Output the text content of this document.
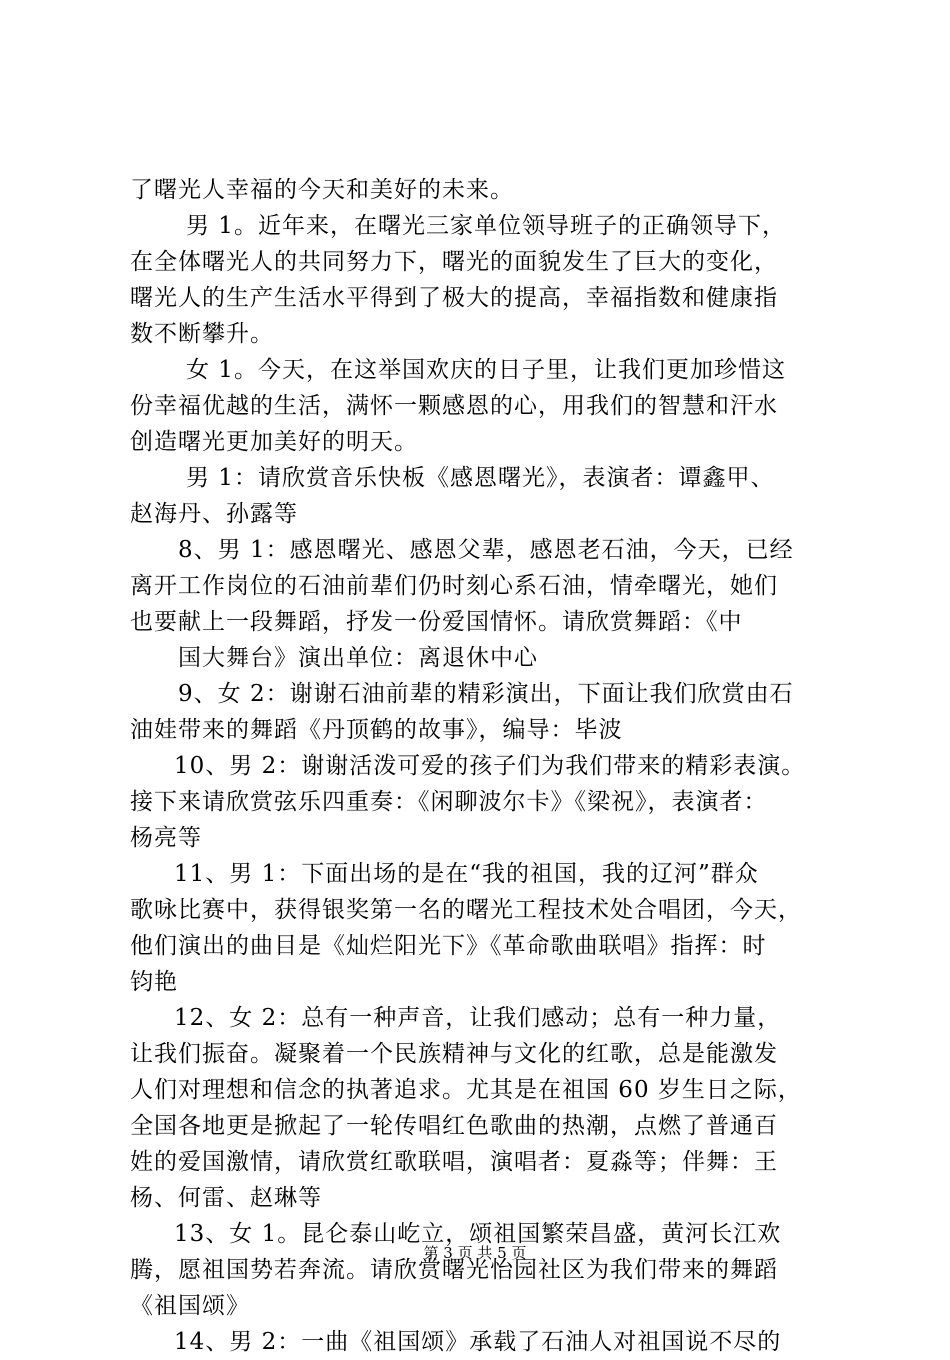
了曙光人幸福的今天和美好的未来。
男 1。近年来，在曙光三家单位领导班子的正确领导下，
在全体曙光人的共同努力下，曙光的面貌发生了巨大的变化，
曙光人的生产生活水平得到了极大的提高，幸福指数和健康指
数不断攀升。
女 1。今天，在这举国欢庆的日子里，让我们更加珍惜这
份幸福优越的生活，满怀一颗感恩的心，用我们的智慧和汗水
创造曙光更加美好的明天。
男 1：请欣赏音乐快板《感恩曙光》，表演者：谭鑫甲、
赵海丹、孙露等
8、男 1：感恩曙光、感恩父辈，感恩老石油，今天，已经
离开工作岗位的石油前辈们仍时刻心系石油，情牵曙光，她们
也要献上一段舞蹈，抒发一份爱国情怀。请欣赏舞蹈：《中
国大舞台》演出单位：离退休中心
9、女 2：谢谢石油前辈的精彩演出，下面让我们欣赏由石
油娃带来的舞蹈《丹顶鹤的故事》，编导：毕波
10、男 2：谢谢活泼可爱的孩子们为我们带来的精彩表演。
接下来请欣赏弦乐四重奏：《闲聊波尔卡》《梁祝》，表演者：
杨亮等
11、男 1：下面出场的是在“我的祖国，我的辽河”群众
歌咏比赛中，获得银奖第一名的曙光工程技术处合唱团，今天，
他们演出的曲目是《灿烂阳光下》《革命歌曲联唱》指挥：时
钧艳
12、女 2：总有一种声音，让我们感动；总有一种力量，
让我们振奋。凝聚着一个民族精神与文化的红歌，总是能激发
人们对理想和信念的执著追求。尤其是在祖国 60 岁生日之际，
全国各地更是掀起了一轮传唱红色歌曲的热潮，点燃了普通百
姓的爱国激情，请欣赏红歌联唱，演唱者：夏淼等；伴舞：王
杨、何雷、赵琳等
13、女 1。昆仑泰山屹立，颂祖国繁荣昌盛，黄河长江欢
腾，愿祖国势若奔流。请欣赏曙光怡园社区为我们带来的舞蹈
《祖国颂》
14、男 2：一曲《祖国颂》承载了石油人对祖国说不尽的
第 3 页 共 5 页
